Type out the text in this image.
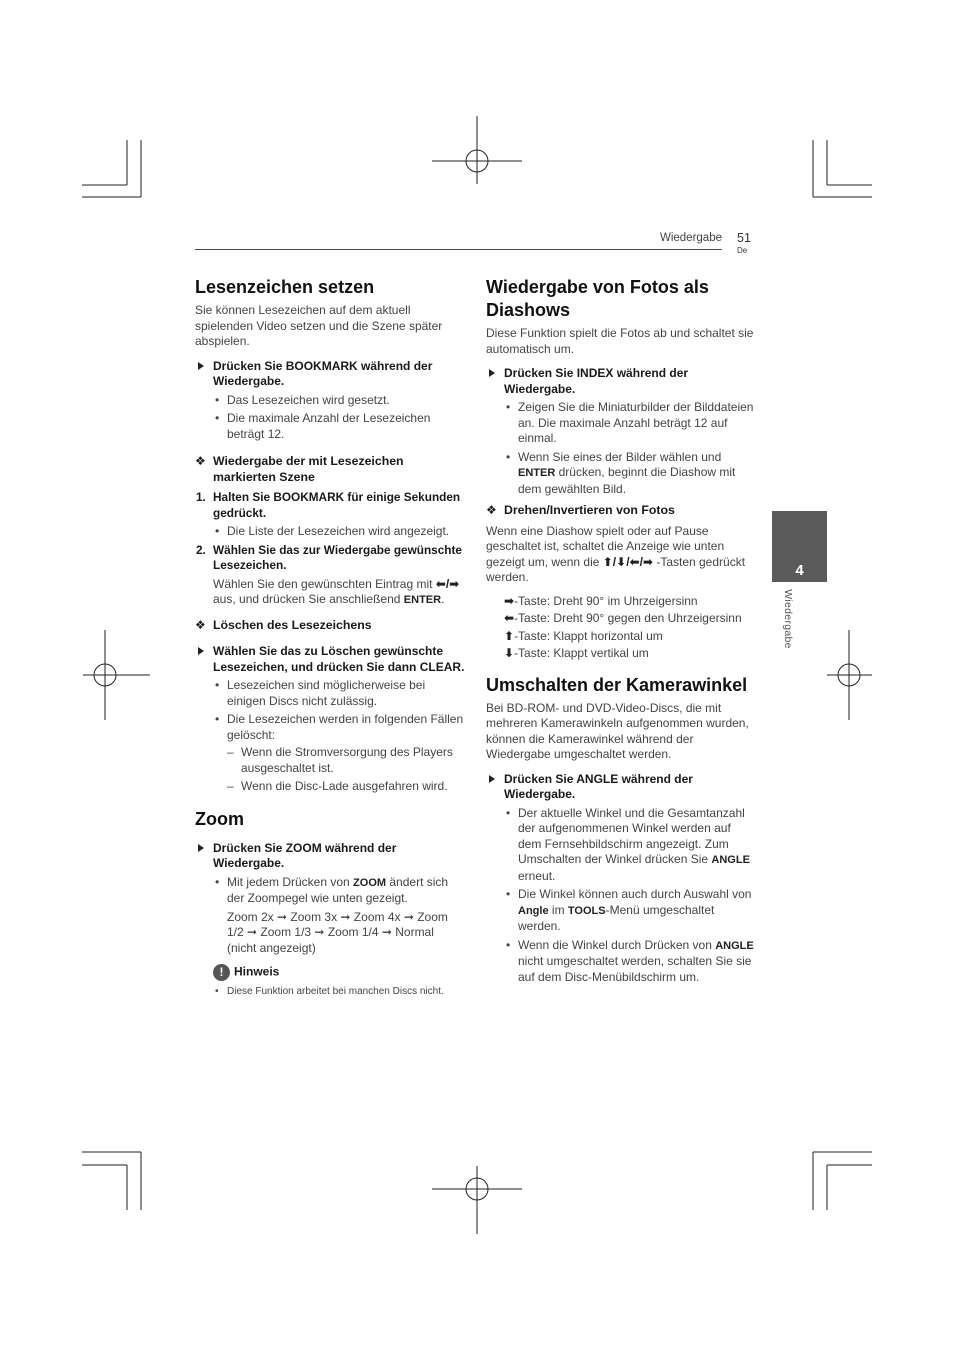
Wiedergabe 51
De
4
Wiedergabe
Lesenzeichen setzen

Sie können Lesezeichen auf dem aktuell spielenden Video setzen und die Szene später abspielen.

Drücken Sie BOOKMARK während der Wiedergabe.
• Das Lesezeichen wird gesetzt.
• Die maximale Anzahl der Lesezeichen beträgt 12.
❖ Wiedergabe der mit Lesezeichen markierten Szene
1. Halten Sie BOOKMARK für einige Sekunden gedrückt.
• Die Liste der Lesezeichen wird angezeigt.
2. Wählen Sie das zur Wiedergabe gewünschte Lesezeichen.

Wählen Sie den gewünschten Eintrag mit ⬅/➡ aus, und drücken Sie anschließend ENTER.

❖ Löschen des Lesezeichens
Wählen Sie das zu Löschen gewünschte Lesezeichen, und drücken Sie dann CLEAR.
• Lesezeichen sind möglicherweise bei einigen Discs nicht zulässig.
• Die Lesezeichen werden in folgenden Fällen gelöscht:
– Wenn die Stromversorgung des Players ausgeschaltet ist.
– Wenn die Disc-Lade ausgefahren wird.
Zoom
Drücken Sie ZOOM während der Wiedergabe.
• Mit jedem Drücken von ZOOM ändert sich der Zoompegel wie unten gezeigt.

Zoom 2x ➞ Zoom 3x ➞ Zoom 4x ➞ Zoom 1/2 ➞ Zoom 1/3 ➞ Zoom 1/4 ➞ Normal (nicht angezeigt)

! Hinweis

• Diese Funktion arbeitet bei manchen Discs nicht.

Wiedergabe von Fotos als Diashows

Diese Funktion spielt die Fotos ab und schaltet sie automatisch um.

Drücken Sie INDEX während der Wiedergabe.
• Zeigen Sie die Miniaturbilder der Bilddateien an. Die maximale Anzahl beträgt 12 auf einmal.
• Wenn Sie eines der Bilder wählen und ENTER drücken, beginnt die Diashow mit dem gewählten Bild.
❖ Drehen/Invertieren von Fotos

Wenn eine Diashow spielt oder auf Pause geschaltet ist, schaltet die Anzeige wie unten gezeigt um, wenn die ⬆/⬇/⬅/➡ -Tasten gedrückt werden.

➡-Taste: Dreht 90° im Uhrzeigersinn
⬅-Taste: Dreht 90° gegen den Uhrzeigersinn
⬆-Taste: Klappt horizontal um
⬇-Taste: Klappt vertikal um
Umschalten der Kamerawinkel

Bei BD-ROM- und DVD-Video-Discs, die mit mehreren Kamerawinkeln aufgenommen wurden, können die Kamerawinkel während der Wiedergabe umgeschaltet werden.

Drücken Sie ANGLE während der Wiedergabe.
• Der aktuelle Winkel und die Gesamtanzahl der aufgenommenen Winkel werden auf dem Fernsehbildschirm angezeigt. Zum Umschalten der Winkel drücken Sie ANGLE erneut.
• Die Winkel können auch durch Auswahl von Angle im TOOLS-Menü umgeschaltet werden.
• Wenn die Winkel durch Drücken von ANGLE nicht umgeschaltet werden, schalten Sie sie auf dem Disc-Menübildschirm um.
